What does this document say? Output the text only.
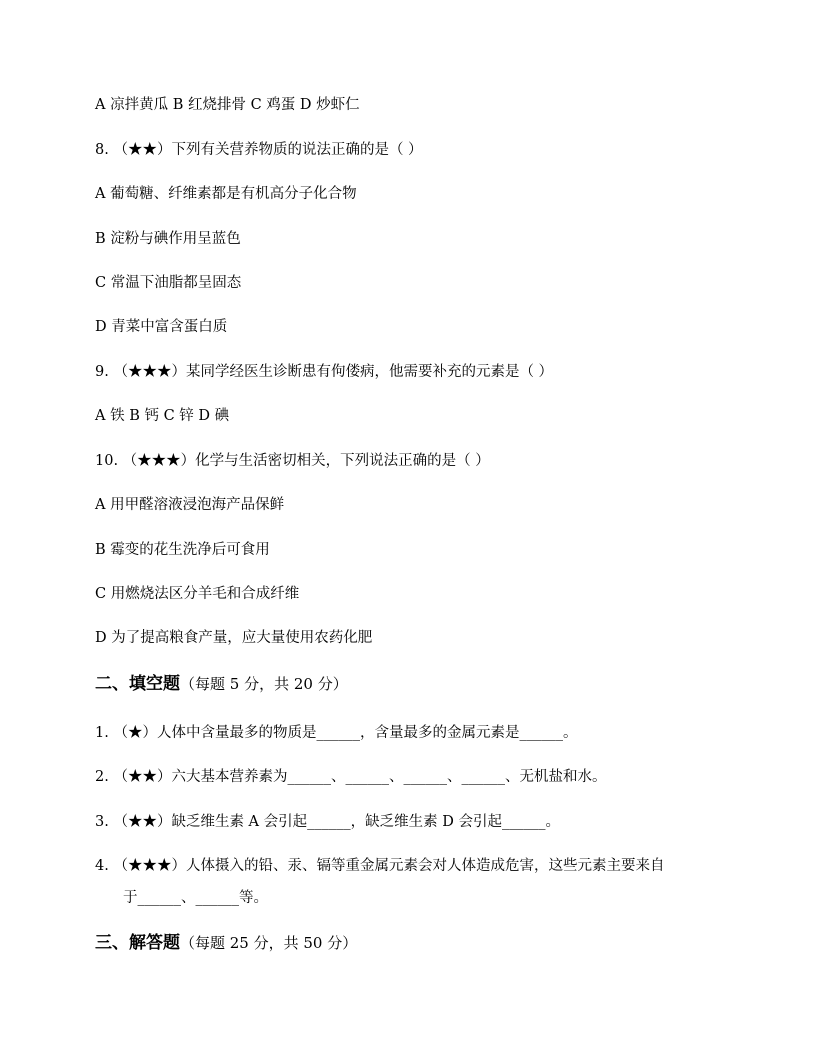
A 凉拌黄瓜 B 红烧排骨 C 鸡蛋 D 炒虾仁
8. （★★）下列有关营养物质的说法正确的是（ ）
A 葡萄糖、纤维素都是有机高分子化合物
B 淀粉与碘作用呈蓝色
C 常温下油脂都呈固态
D 青菜中富含蛋白质
9. （★★★）某同学经医生诊断患有佝偻病，他需要补充的元素是（ ）
A 铁 B 钙 C 锌 D 碘
10. （★★★）化学与生活密切相关，下列说法正确的是（ ）
A 用甲醛溶液浸泡海产品保鲜
B 霉变的花生洗净后可食用
C 用燃烧法区分羊毛和合成纤维
D 为了提高粮食产量，应大量使用农药化肥
二、填空题（每题 5 分，共 20 分）
1. （★）人体中含量最多的物质是______，含量最多的金属元素是______。
2. （★★）六大基本营养素为______、______、______、______、无机盐和水。
3. （★★）缺乏维生素 A 会引起______，缺乏维生素 D 会引起______。
4. （★★★）人体摄入的铅、汞、镉等重金属元素会对人体造成危害，这些元素主要来自
于______、______等。
三、解答题（每题 25 分，共 50 分）
